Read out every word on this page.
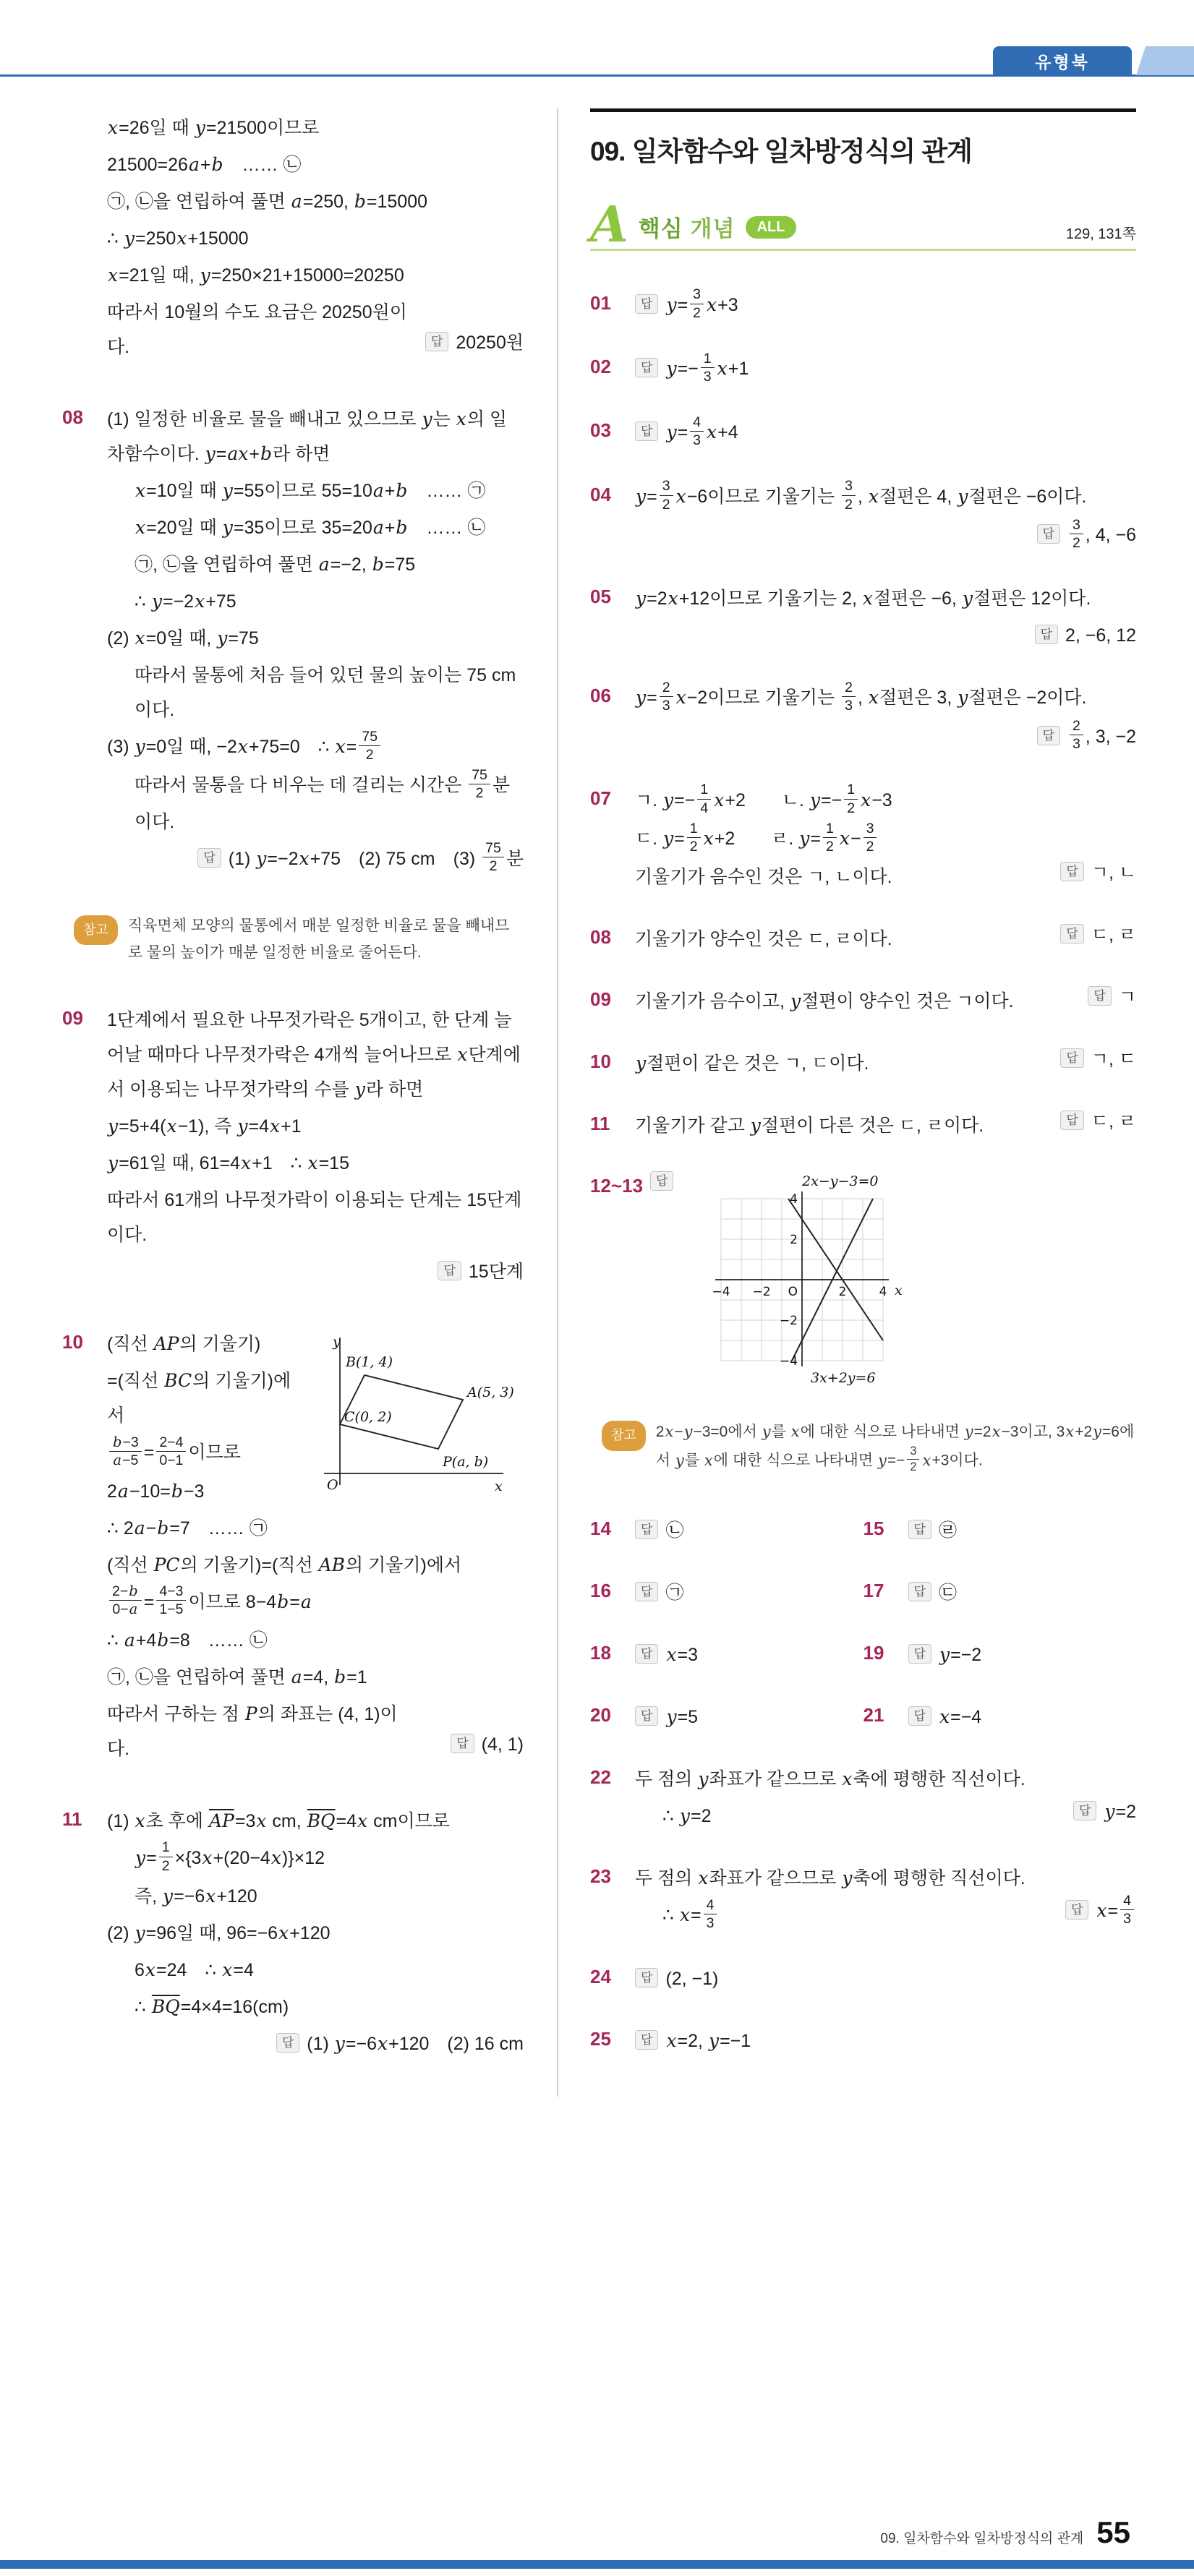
유형북
x=26일 때 y=21500이므로
21500=26a+b　…… ㉡
㉠, ㉡을 연립하여 풀면 a=250, b=15000
∴ y=250x+15000
x=21일 때, y=250×21+15000=20250
따라서 10월의 수도 요금은 20250원이다.	답 20250원
08	(1) 일정한 비율로 물을 빼내고 있으므로 y는 x의 일차함수이다. y=ax+b라 하면
x=10일 때 y=55이므로 55=10a+b　…… ㉠
x=20일 때 y=35이므로 35=20a+b　…… ㉡
㉠, ㉡을 연립하여 풀면 a=−2, b=75
∴ y=−2x+75
(2) x=0일 때, y=75
따라서 물통에 처음 들어 있던 물의 높이는 75 cm이다.
(3) y=0일 때, −2x+75=0　∴ $x= \frac{75}{2}$
따라서 물통을 다 비우는 데 걸리는 시간은 $\frac{75}{2}$ 분이다.
답 (1) y=−2x+75　(2) 75 cm　$(3) \frac{75}{2}$ 분
참고	직육면체 모양의 물통에서 매분 일정한 비율로 물을 빼내므로 물의 높이가 매분 일정한 비율로 줄어든다.
09	1단계에서 필요한 나무젓가락은 5개이고, 한 단계 늘어날 때마다 나무젓가락은 4개씩 늘어나므로 x단계에서 이용되는 나무젓가락의 수를 y라 하면
y=5+4(x−1), 즉 y=4x+1
y=61일 때, 61=4x+1　∴ x=15
따라서 61개의 나무젓가락이 이용되는 단계는 15단계이다.
답 15단계
10	y
x
O
B(1, 4)
A(5, 3)
C(0, 2)
P(a, b)
(직선 AP의 기울기)
=(직선 BC의 기울기)에서
$\frac{b-3}{a-5} = \frac{2-4}{0-1}$ 이므로
2a−10=b−3
∴ 2a−b=7　…… ㉠
(직선 PC의 기울기)=(직선 AB의 기울기)에서
$\frac{2-b}{0-a} = \frac{4-3}{1-5}$ 이므로 8−4b=a
∴ a+4b=8　…… ㉡
㉠, ㉡을 연립하여 풀면 a=4, b=1
따라서 구하는 점 P의 좌표는 (4, 1)이다.	답 (4, 1)
11	(1) x초 후에 $\overline{AP}=3x$ cm, $\overline{BQ}=4x$ cm이므로
$y= \frac{1}{2} \times\{3x+(20-4x)\}\times 12$
즉, y=−6x+120
(2) y=96일 때, 96=−6x+120
6x=24　∴ x=4
∴ $\overline{BQ}=4\times 4=16(cm)$
답 (1) y=−6x+120　(2) 16 cm
09. 일차함수와 일차방정식의 관계
A 핵심 개념	ALL	129, 131쪽
01	답 $y= \frac{3}{2} x+3$
02	답 $y=- \frac{1}{3} x+1$
03	답 $y= \frac{4}{3} x+4$
04	$y= \frac{3}{2} x-6$이므로 기울기는 $\frac{3}{2}$ , x절편은 4, y절편은 −6이다.
답 $\frac{3}{2}$ , 4, −6
05	y=2x+12이므로 기울기는 2, x절편은 −6, y절편은 12이다.
답 2, −6, 12
06	$y= \frac{2}{3} x-2$이므로 기울기는 $\frac{2}{3}$ , x절편은 3, y절편은 −2이다.
답 $\frac{2}{3}$ , 3, −2
07	ㄱ. $y=- \frac{1}{4} x+2$　　ㄴ. $y=- \frac{1}{2} x-3$
ㄷ. $y= \frac{1}{2} x+2$　　ㄹ. $y= \frac{1}{2} x- \frac{3}{2}$
기울기가 음수인 것은 ㄱ, ㄴ이다.	답 ㄱ, ㄴ
08	기울기가 양수인 것은 ㄷ, ㄹ이다.	답 ㄷ, ㄹ
09	기울기가 음수이고, y절편이 양수인 것은 ㄱ이다.	답 ㄱ
10	y절편이 같은 것은 ㄱ, ㄷ이다.	답 ㄱ, ㄷ
11	기울기가 같고 y절편이 다른 것은 ㄷ, ㄹ이다.	답 ㄷ, ㄹ
12~13	답	2x−y−3=0
3x+2y=6
4
2
−2
−4
−4 −2 O	2	4 x
참고	2x−y−3=0에서 y를 x에 대한 식으로 나타내면 y=2x−3이고, 3x+2y=6에서 y를 x에 대한 식으로 나타내면 $y=- \frac{3}{2} x+3$이다.
14	답 ㉡	15	답 ㉣
16	답 ㉠	17	답 ㉢
18	답 x=3	19	답 y=−2
20	답 y=5	21	답 x=−4
22	두 점의 y좌표가 같으므로 x축에 평행한 직선이다.
∴ y=2	답 y=2
23	두 점의 x좌표가 같으므로 y축에 평행한 직선이다.
∴ $x= \frac{4}{3}$	답 $x= \frac{4}{3}$
24	답 (2, −1)
25	답 x=2, y=−1
09. 일차함수와 일차방정식의 관계 55
